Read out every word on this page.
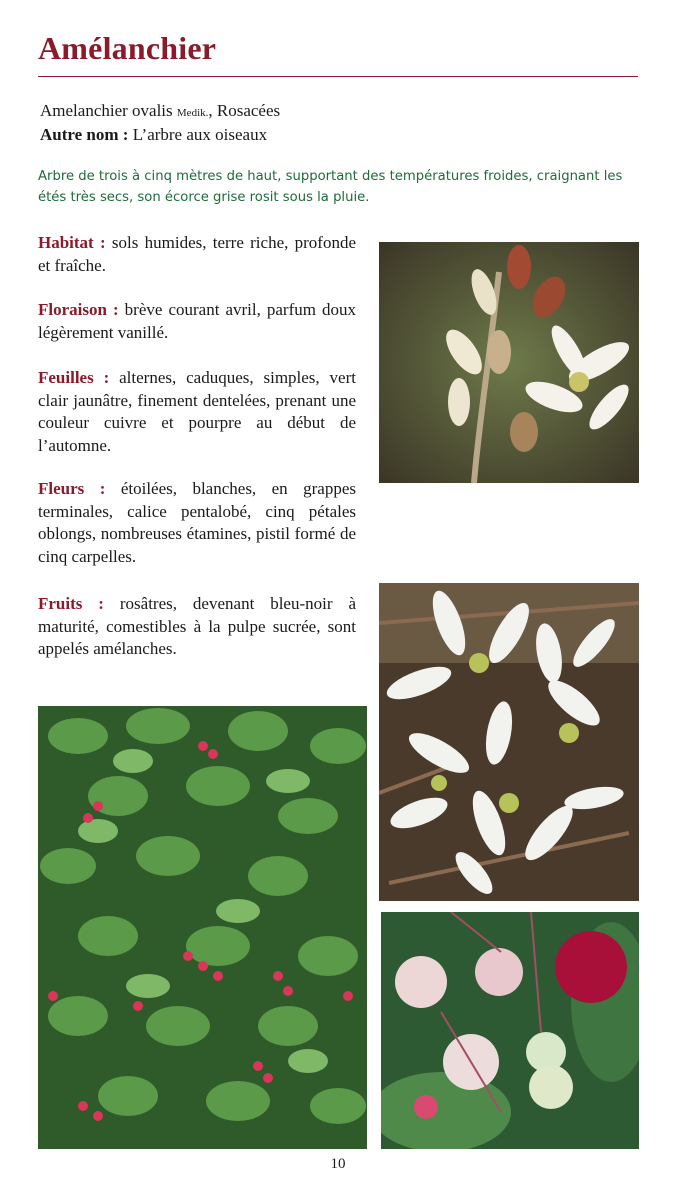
Amélanchier
Amelanchier ovalis Medik., Rosacées
Autre nom : L’arbre aux oiseaux
Arbre de trois à cinq mètres de haut, supportant des températures froides, craignant les étés très secs, son écorce grise rosit sous la pluie.
Habitat : sols humides, terre riche, profonde et fraîche.
Floraison : brève courant avril, parfum doux légèrement vanillé.
Feuilles : alternes, caduques, simples, vert clair jaunâtre, finement dentelées, prenant une couleur cuivre et pourpre au début de l’automne.
Fleurs : étoilées, blanches, en grappes terminales, calice pentalobé, cinq pétales oblongs, nombreuses étamines, pistil formé de cinq carpelles.
Fruits : rosâtres, devenant bleu-noir à maturité, comestibles à la pulpe sucrée, sont appelés amélanches.
10
